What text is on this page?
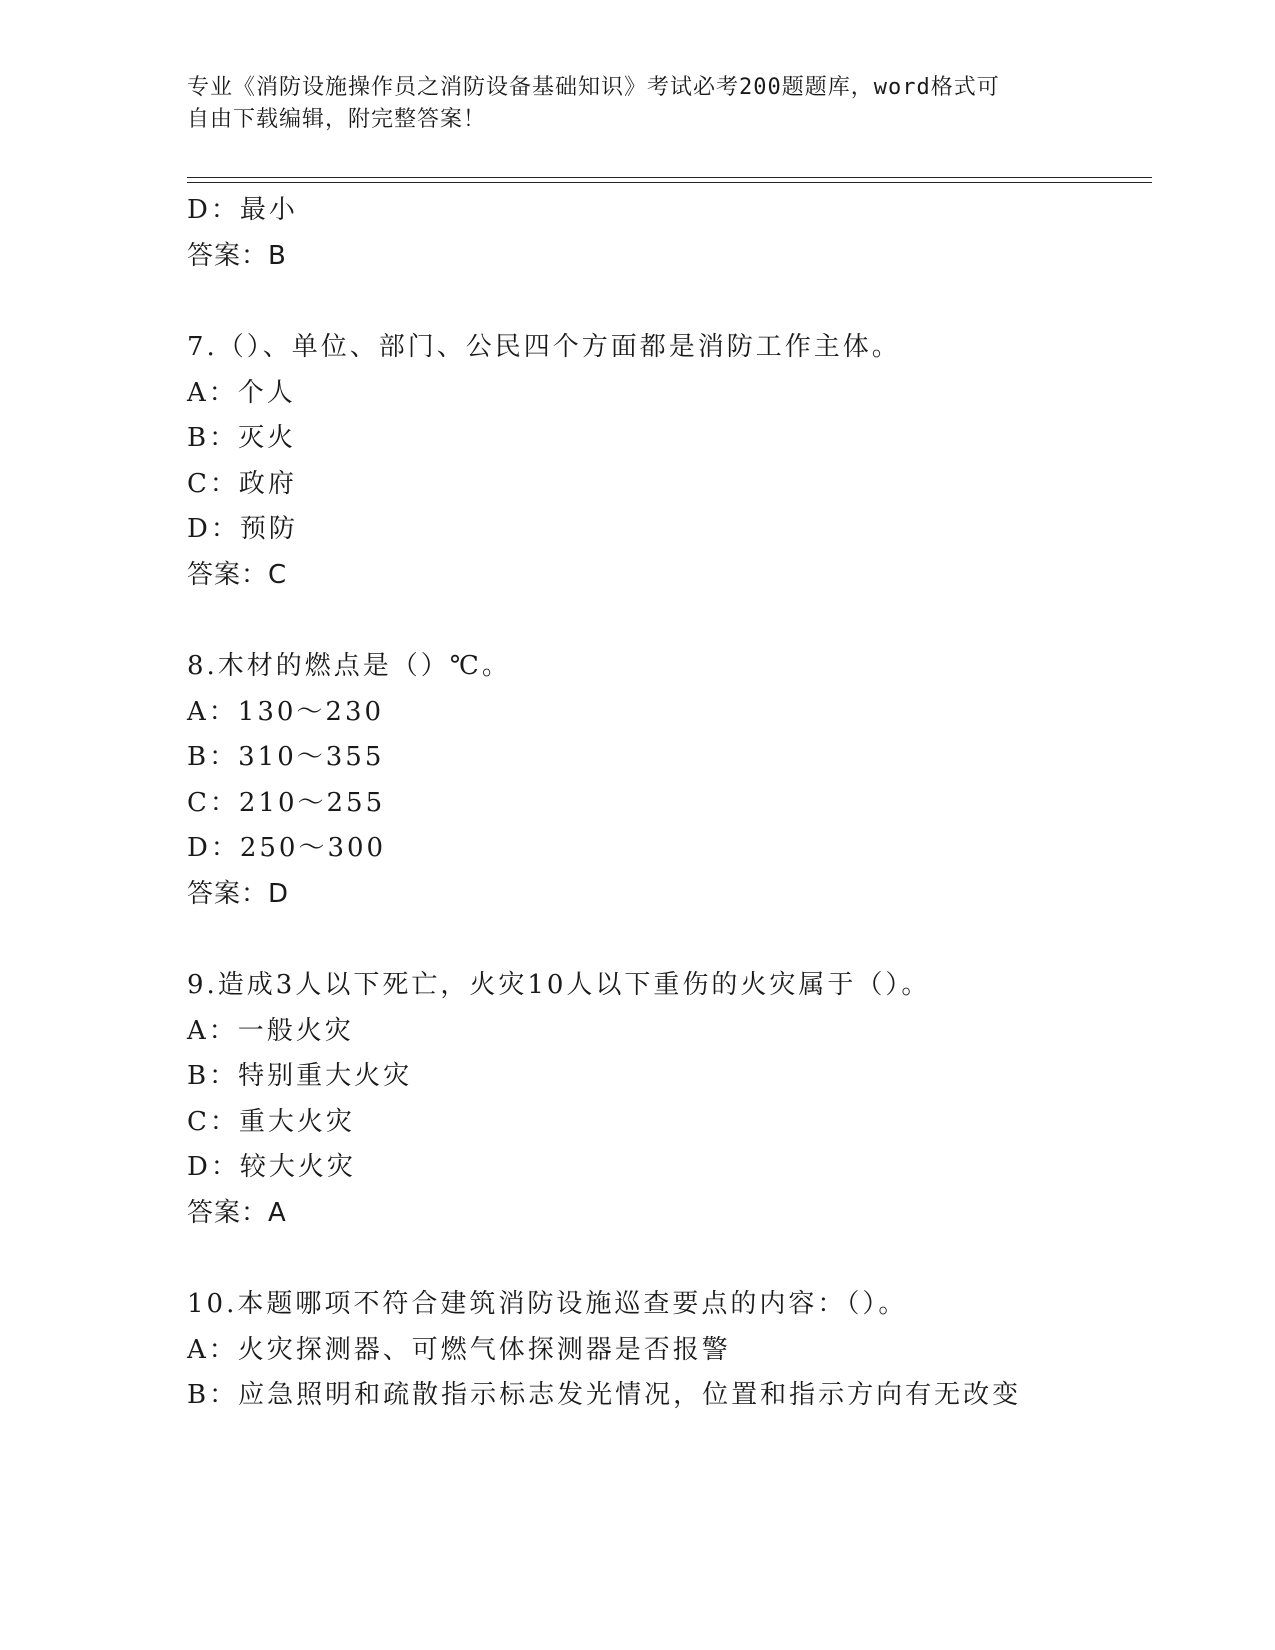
专业《消防设施操作员之消防设备基础知识》考试必考200题题库，word格式可
自由下载编辑，附完整答案！
D：最小
答案：B
7.（）、单位、部门、公民四个方面都是消防工作主体。
A：个人
B：灭火
C：政府
D：预防
答案：C
8.木材的燃点是（）℃。
A：130～230
B：310～355
C：210～255
D：250～300
答案：D
9.造成3人以下死亡，火灾10人以下重伤的火灾属于（）。
A：一般火灾
B：特别重大火灾
C：重大火灾
D：较大火灾
答案：A
10.本题哪项不符合建筑消防设施巡查要点的内容：（）。
A：火灾探测器、可燃气体探测器是否报警
B：应急照明和疏散指示标志发光情况，位置和指示方向有无改变
